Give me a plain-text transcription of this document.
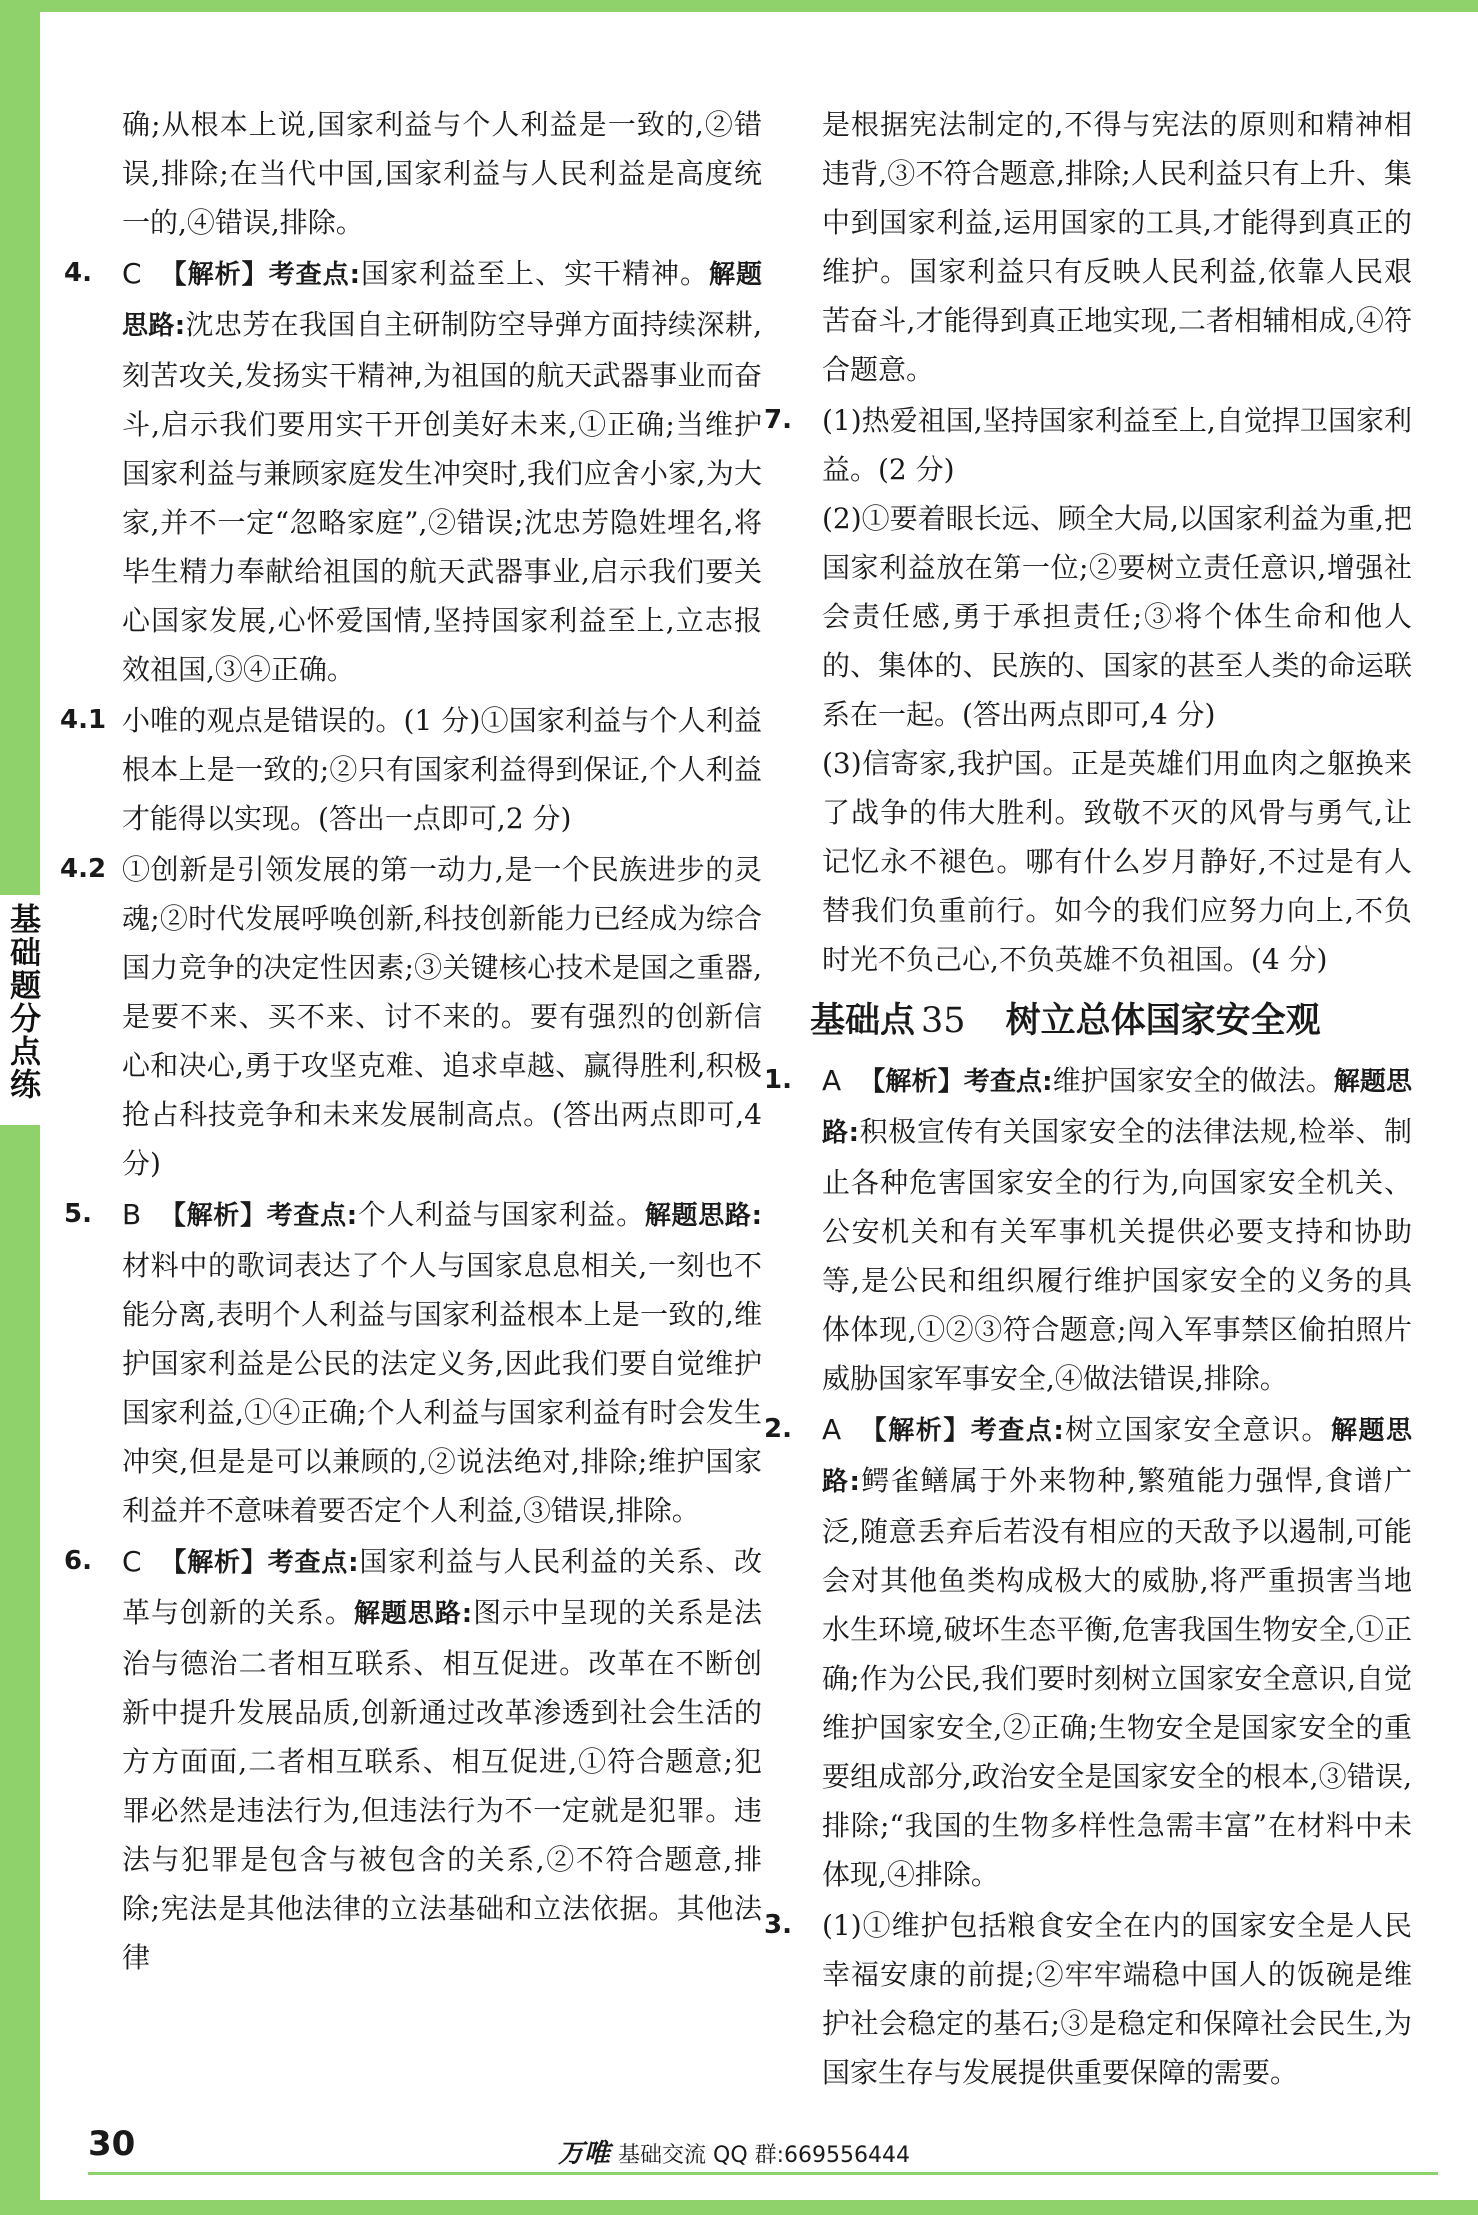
基础题分点练

确;从根本上说,国家利益与个人利益是一致的,②错误,排除;在当代中国,国家利益与人民利益是高度统一的,④错误,排除。

4. C 【解析】考查点:国家利益至上、实干精神。解题思路:沈忠芳在我国自主研制防空导弹方面持续深耕,刻苦攻关,发扬实干精神,为祖国的航天武器事业而奋斗,启示我们要用实干开创美好未来,①正确;当维护国家利益与兼顾家庭发生冲突时,我们应舍小家,为大家,并不一定“忽略家庭”,②错误;沈忠芳隐姓埋名,将毕生精力奉献给祖国的航天武器事业,启示我们要关心国家发展,心怀爱国情,坚持国家利益至上,立志报效祖国,③④正确。

4.1 小唯的观点是错误的。(1 分)①国家利益与个人利益根本上是一致的;②只有国家利益得到保证,个人利益才能得以实现。(答出一点即可,2 分)

4.2 ①创新是引领发展的第一动力,是一个民族进步的灵魂;②时代发展呼唤创新,科技创新能力已经成为综合国力竞争的决定性因素;③关键核心技术是国之重器,是要不来、买不来、讨不来的。要有强烈的创新信心和决心,勇于攻坚克难、追求卓越、赢得胜利,积极抢占科技竞争和未来发展制高点。(答出两点即可,4 分)

5. B 【解析】考查点:个人利益与国家利益。解题思路:材料中的歌词表达了个人与国家息息相关,一刻也不能分离,表明个人利益与国家利益根本上是一致的,维护国家利益是公民的法定义务,因此我们要自觉维护国家利益,①④正确;个人利益与国家利益有时会发生冲突,但是是可以兼顾的,②说法绝对,排除;维护国家利益并不意味着要否定个人利益,③错误,排除。

6. C 【解析】考查点:国家利益与人民利益的关系、改革与创新的关系。解题思路:图示中呈现的关系是法治与德治二者相互联系、相互促进。改革在不断创新中提升发展品质,创新通过改革渗透到社会生活的方方面面,二者相互联系、相互促进,①符合题意;犯罪必然是违法行为,但违法行为不一定就是犯罪。违法与犯罪是包含与被包含的关系,②不符合题意,排除;宪法是其他法律的立法基础和立法依据。其他法律

是根据宪法制定的,不得与宪法的原则和精神相违背,③不符合题意,排除;人民利益只有上升、集中到国家利益,运用国家的工具,才能得到真正的维护。国家利益只有反映人民利益,依靠人民艰苦奋斗,才能得到真正地实现,二者相辅相成,④符合题意。

7. (1)热爱祖国,坚持国家利益至上,自觉捍卫国家利益。(2 分)

(2)①要着眼长远、顾全大局,以国家利益为重,把国家利益放在第一位;②要树立责任意识,增强社会责任感,勇于承担责任;③将个体生命和他人的、集体的、民族的、国家的甚至人类的命运联系在一起。(答出两点即可,4 分)

(3)信寄家,我护国。正是英雄们用血肉之躯换来了战争的伟大胜利。致敬不灭的风骨与勇气,让记忆永不褪色。哪有什么岁月静好,不过是有人替我们负重前行。如今的我们应努力向上,不负时光不负己心,不负英雄不负祖国。(4 分)

基础点 35 树立总体国家安全观
1. A 【解析】考查点:维护国家安全的做法。解题思路:积极宣传有关国家安全的法律法规,检举、制止各种危害国家安全的行为,向国家安全机关、公安机关和有关军事机关提供必要支持和协助等,是公民和组织履行维护国家安全的义务的具体体现,①②③符合题意;闯入军事禁区偷拍照片威胁国家军事安全,④做法错误,排除。

2. A 【解析】考查点:树立国家安全意识。解题思路:鳄雀鳝属于外来物种,繁殖能力强悍,食谱广泛,随意丢弃后若没有相应的天敌予以遏制,可能会对其他鱼类构成极大的威胁,将严重损害当地水生环境,破坏生态平衡,危害我国生物安全,①正确;作为公民,我们要时刻树立国家安全意识,自觉维护国家安全,②正确;生物安全是国家安全的重要组成部分,政治安全是国家安全的根本,③错误,排除;“我国的生物多样性急需丰富”在材料中未体现,④排除。

3. (1)①维护包括粮食安全在内的国家安全是人民幸福安康的前提;②牢牢端稳中国人的饭碗是维护社会稳定的基石;③是稳定和保障社会民生,为国家生存与发展提供重要保障的需要。

30	万唯 基础交流 QQ 群:669556444
